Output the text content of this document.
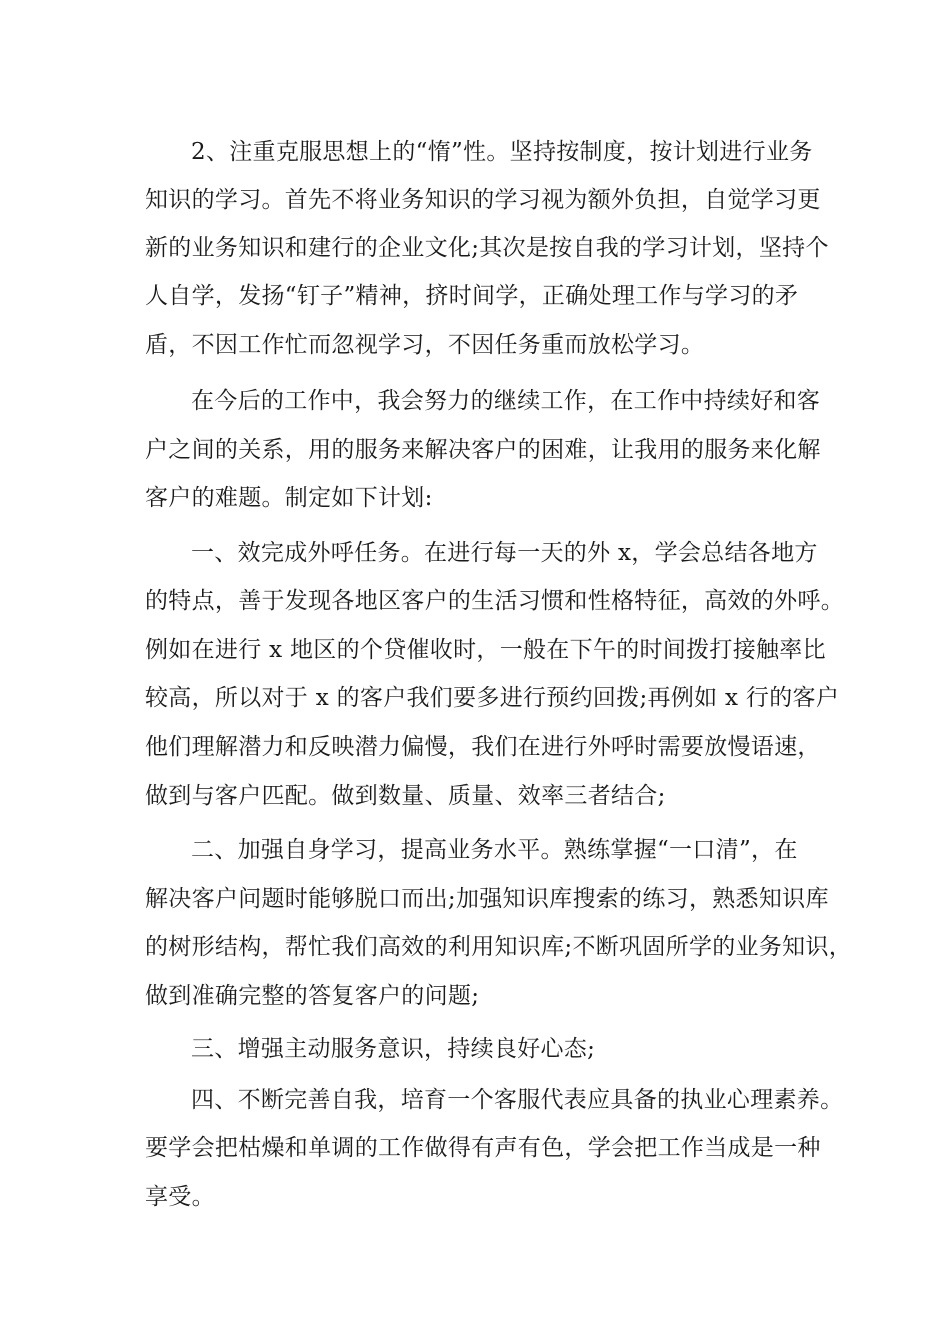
2、注重克服思想上的“惰”性。坚持按制度，按计划进行业务
知识的学习。首先不将业务知识的学习视为额外负担，自觉学习更
新的业务知识和建行的企业文化;其次是按自我的学习计划，坚持个
人自学，发扬“钉子”精神，挤时间学，正确处理工作与学习的矛
盾，不因工作忙而忽视学习，不因任务重而放松学习。
在今后的工作中，我会努力的继续工作，在工作中持续好和客
户之间的关系，用的服务来解决客户的困难，让我用的服务来化解
客户的难题。制定如下计划:
一、效完成外呼任务。在进行每一天的外 x，学会总结各地方
的特点，善于发现各地区客户的生活习惯和性格特征，高效的外呼。
例如在进行 x 地区的个贷催收时，一般在下午的时间拨打接触率比
较高，所以对于 x 的客户我们要多进行预约回拨;再例如 x 行的客户
他们理解潜力和反映潜力偏慢，我们在进行外呼时需要放慢语速，
做到与客户匹配。做到数量、质量、效率三者结合;
二、加强自身学习，提高业务水平。熟练掌握“一口清”，在
解决客户问题时能够脱口而出;加强知识库搜索的练习，熟悉知识库
的树形结构，帮忙我们高效的利用知识库;不断巩固所学的业务知识，
做到准确完整的答复客户的问题;
三、增强主动服务意识，持续良好心态;
四、不断完善自我，培育一个客服代表应具备的执业心理素养。
要学会把枯燥和单调的工作做得有声有色，学会把工作当成是一种
享受。
